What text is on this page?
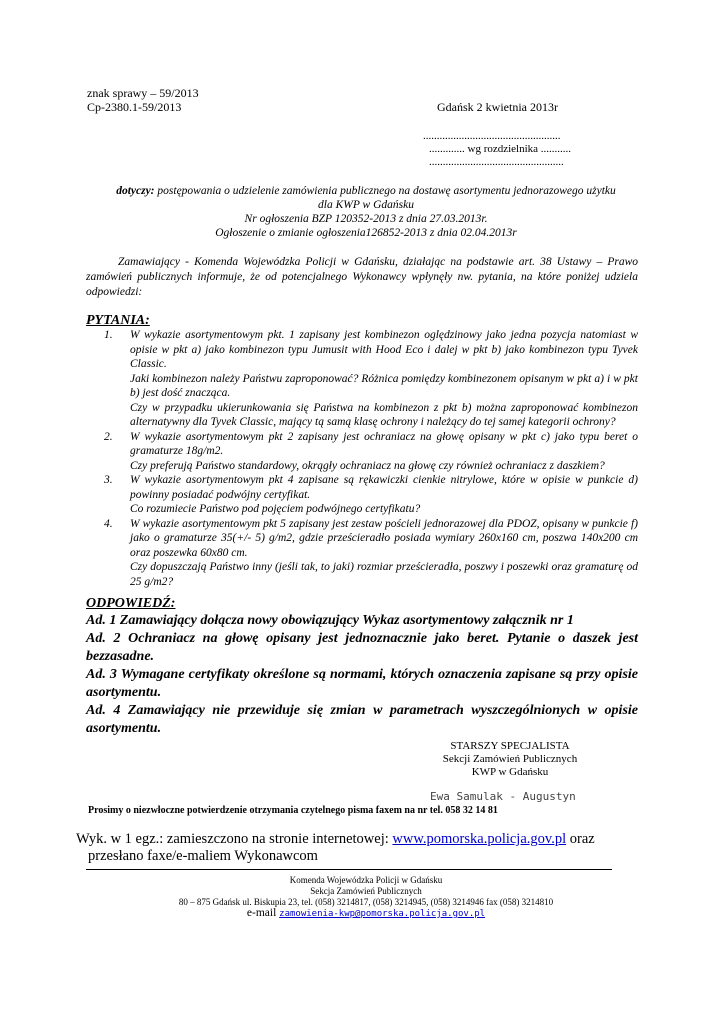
znak sprawy – 59/2013
Cp-2380.1-59/2013	Gdańsk 2 kwietnia 2013r
..................................................
............. wg rozdzielnika ...........
.................................................
dotyczy: postępowania o udzielenie zamówienia publicznego na dostawę asortymentu jednorazowego użytku
dla KWP w Gdańsku
Nr ogłoszenia BZP 120352-2013 z dnia 27.03.2013r.
Ogłoszenie o zmianie ogłoszenia126852-2013 z dnia 02.04.2013r
Zamawiający - Komenda Wojewódzka Policji w Gdańsku, działając na podstawie art. 38 Ustawy – Prawo zamówień publicznych informuje, że od potencjalnego Wykonawcy wpłynęły nw. pytania, na które poniżej udziela odpowiedzi:
PYTANIA:
1.	W wykazie asortymentowym pkt. 1 zapisany jest kombinezon oględzinowy jako jedna pozycja natomiast w opisie w pkt a) jako kombinezon typu Jumusit with Hood Eco i dalej w pkt b) jako kombinezon typu Tyvek Classic.
Jaki kombinezon należy Państwu zaproponować? Różnica pomiędzy kombinezonem opisanym w pkt a) i w pkt b) jest dość znacząca.
Czy w przypadku ukierunkowania się Państwa na kombinezon z pkt b) można zaproponować kombinezon alternatywny dla Tyvek Classic, mający tą samą klasę ochrony i należący do tej samej kategorii ochrony?
2.	W wykazie asortymentowym pkt 2 zapisany jest ochraniacz na głowę opisany w pkt c) jako typu beret o gramaturze 18g/m2.
Czy preferują Państwo standardowy, okrągły ochraniacz na głowę czy również ochraniacz z daszkiem?
3.	W wykazie asortymentowym pkt 4 zapisane są rękawiczki cienkie nitrylowe, które w opisie w punkcie d) powinny posiadać podwójny certyfikat.
Co rozumiecie Państwo pod pojęciem podwójnego certyfikatu?
4.	W wykazie asortymentowym pkt 5 zapisany jest zestaw pościeli jednorazowej dla PDOZ, opisany w punkcie f) jako o gramaturze 35(+/- 5) g/m2, gdzie prześcieradło posiada wymiary 260x160 cm, poszwa 140x200 cm oraz poszewka 60x80 cm.
Czy dopuszczają Państwo inny (jeśli tak, to jaki) rozmiar prześcieradła, poszwy i poszewki oraz gramaturę od 25 g/m2?
ODPOWIEDŹ:
Ad. 1 Zamawiający dołącza nowy obowiązujący Wykaz asortymentowy załącznik nr 1
Ad. 2 Ochraniacz na głowę opisany jest jednoznacznie jako beret. Pytanie o daszek jest bezzasadne.
Ad. 3 Wymagane certyfikaty określone są normami, których oznaczenia zapisane są przy opisie asortymentu.
Ad. 4 Zamawiający nie przewiduje się zmian w parametrach wyszczególnionych w opisie asortymentu.
STARSZY SPECJALISTA
Sekcji Zamówień Publicznych
KWP w Gdańsku
Ewa Samulak - Augustyn
Prosimy o niezwłoczne potwierdzenie otrzymania czytelnego pisma faxem na nr tel. 058 32 14 81
Wyk. w 1 egz.: zamieszczono na stronie internetowej: www.pomorska.policja.gov.pl oraz
przesłano faxe/e-maliem Wykonawcom
Komenda Wojewódzka Policji w Gdańsku
Sekcja Zamówień Publicznych
80 – 875 Gdańsk ul. Biskupia 23, tel. (058) 3214817, (058) 3214945, (058) 3214946 fax (058) 3214810
e-mail zamowienia-kwp@pomorska.policja.gov.pl
